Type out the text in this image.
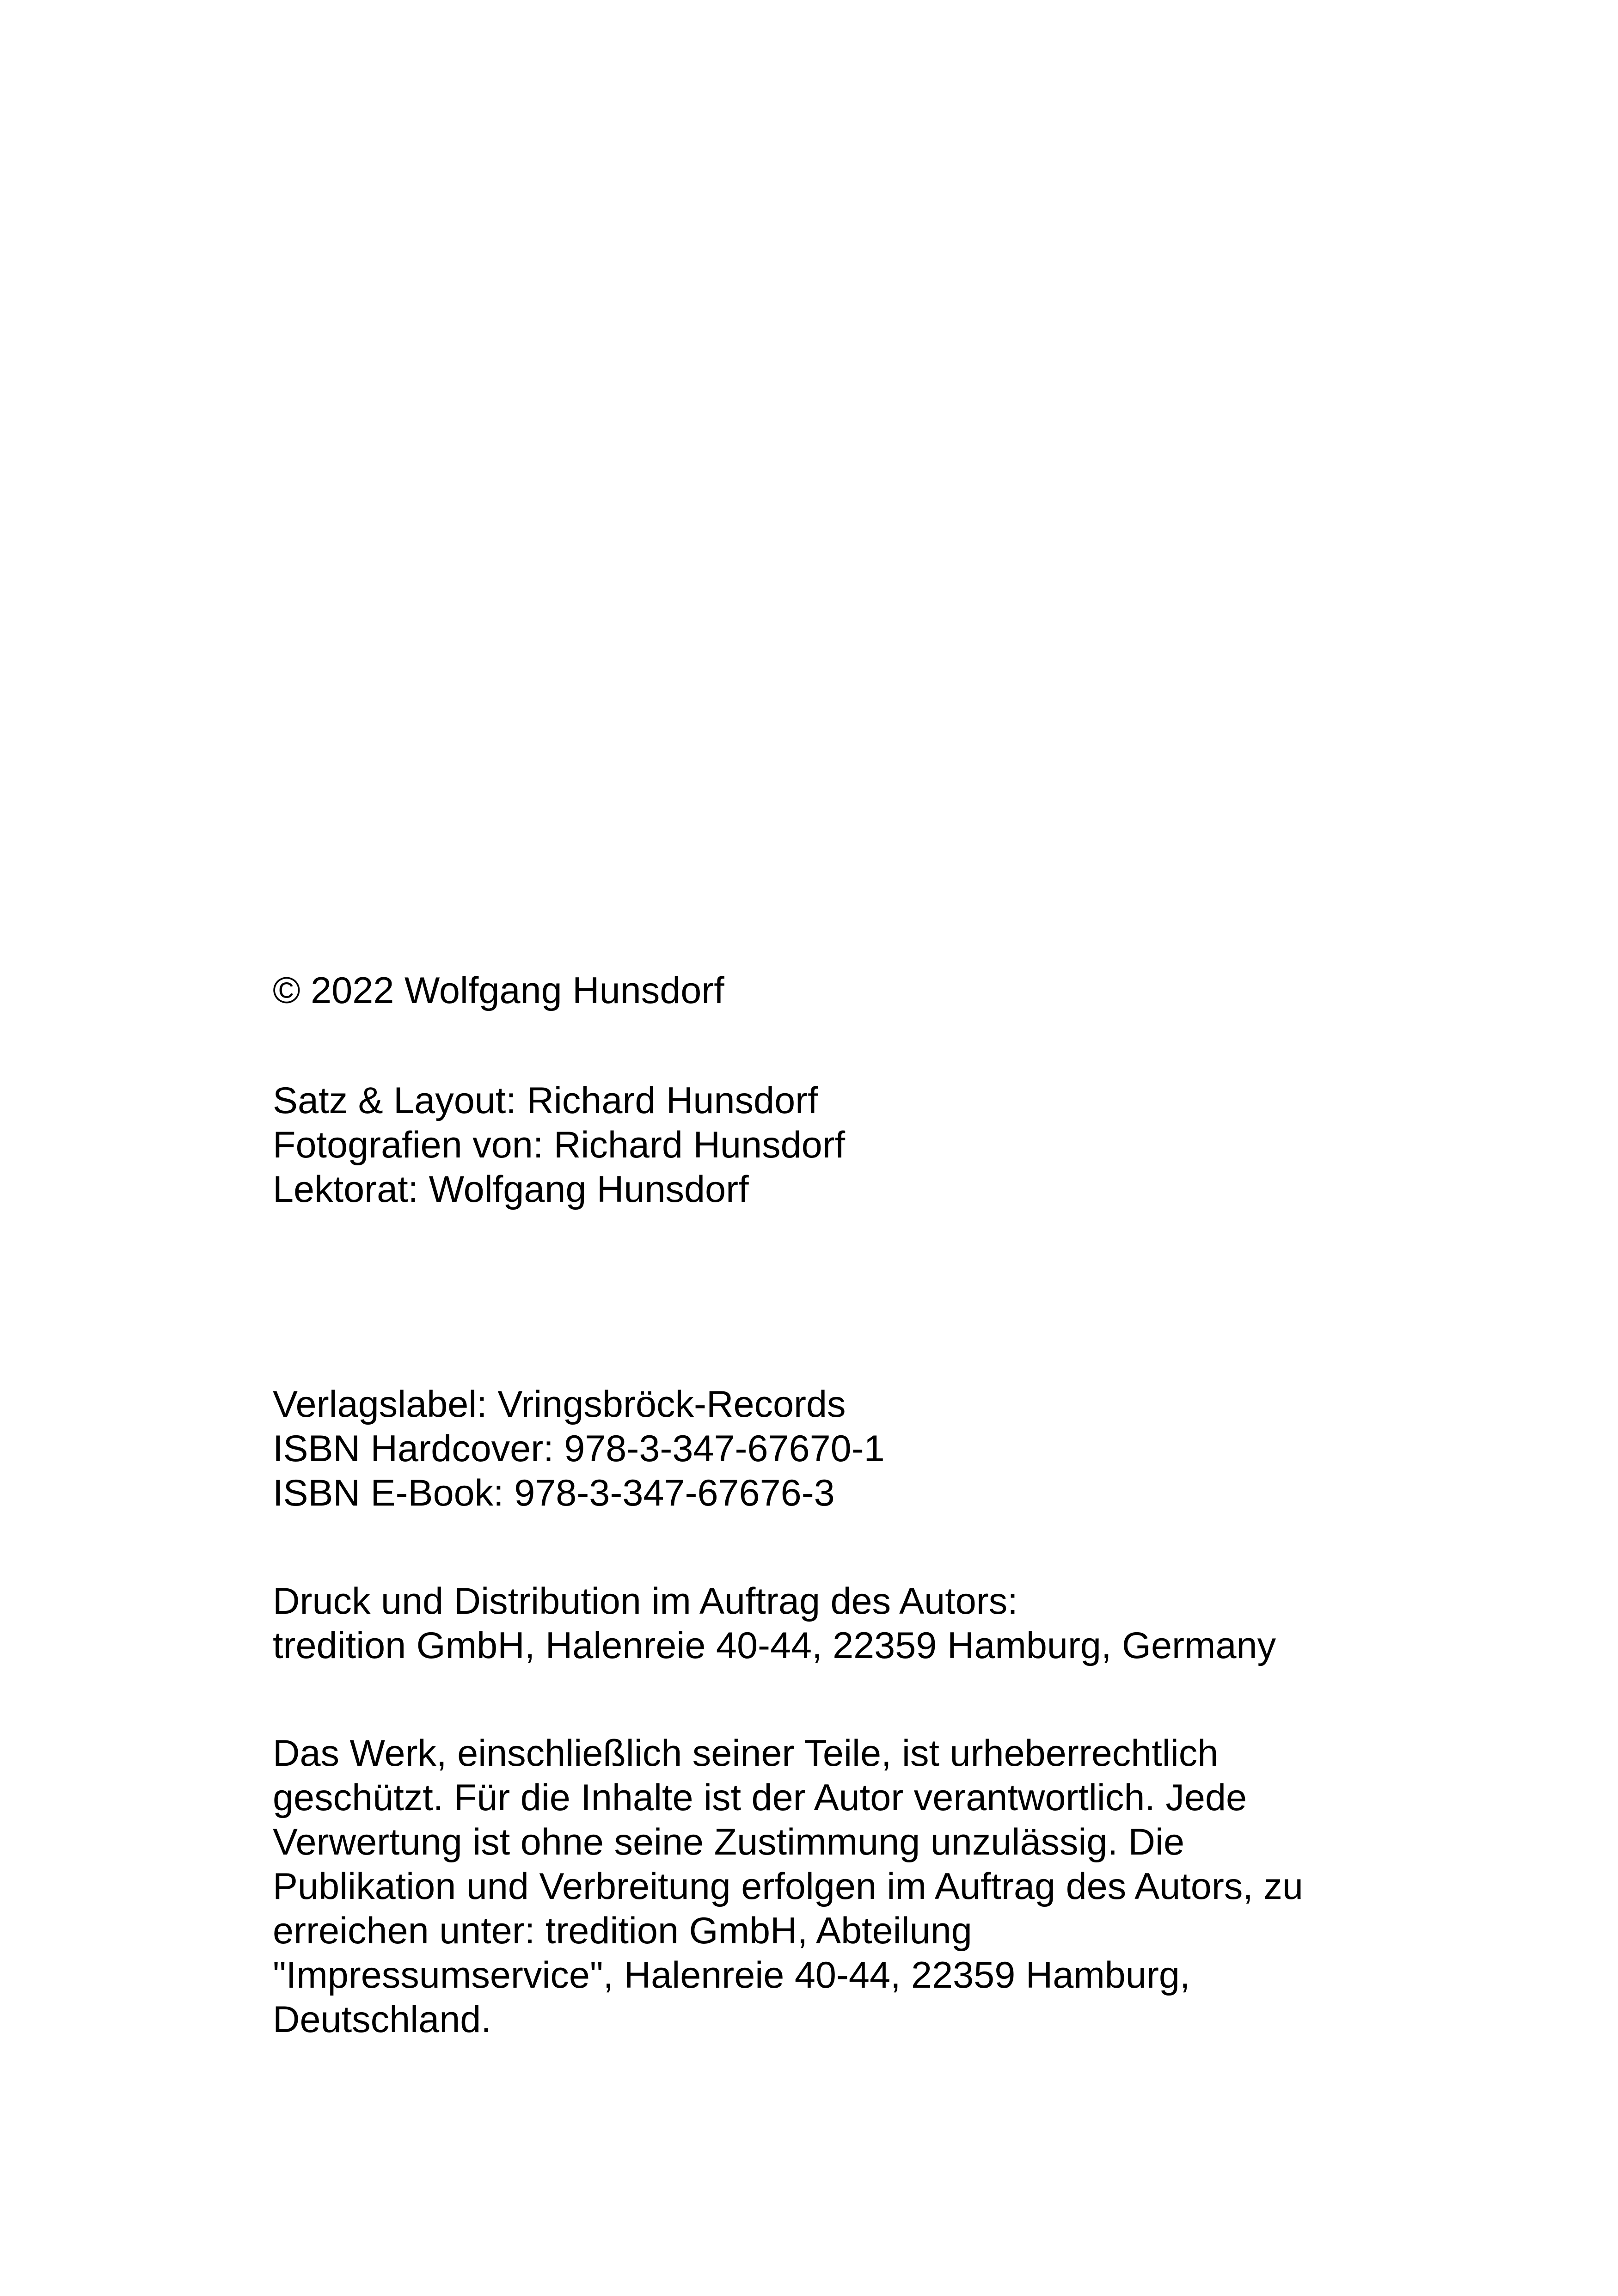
© 2022 Wolfgang Hunsdorf

Satz & Layout: Richard Hunsdorf

Fotografien von: Richard Hunsdorf

Lektorat: Wolfgang Hunsdorf

Verlagslabel: Vringsbröck-Records

ISBN Hardcover: 978-3-347-67670-1

ISBN E-Book: 978-3-347-67676-3

Druck und Distribution im Auftrag des Autors:

tredition GmbH, Halenreie 40-44, 22359 Hamburg, Germany

Das Werk, einschließlich seiner Teile, ist urheberrechtlich

geschützt. Für die Inhalte ist der Autor verantwortlich. Jede

Verwertung ist ohne seine Zustimmung unzulässig. Die

Publikation und Verbreitung erfolgen im Auftrag des Autors, zu

erreichen unter: tredition GmbH, Abteilung

"Impressumservice", Halenreie 40-44, 22359 Hamburg,

Deutschland.
